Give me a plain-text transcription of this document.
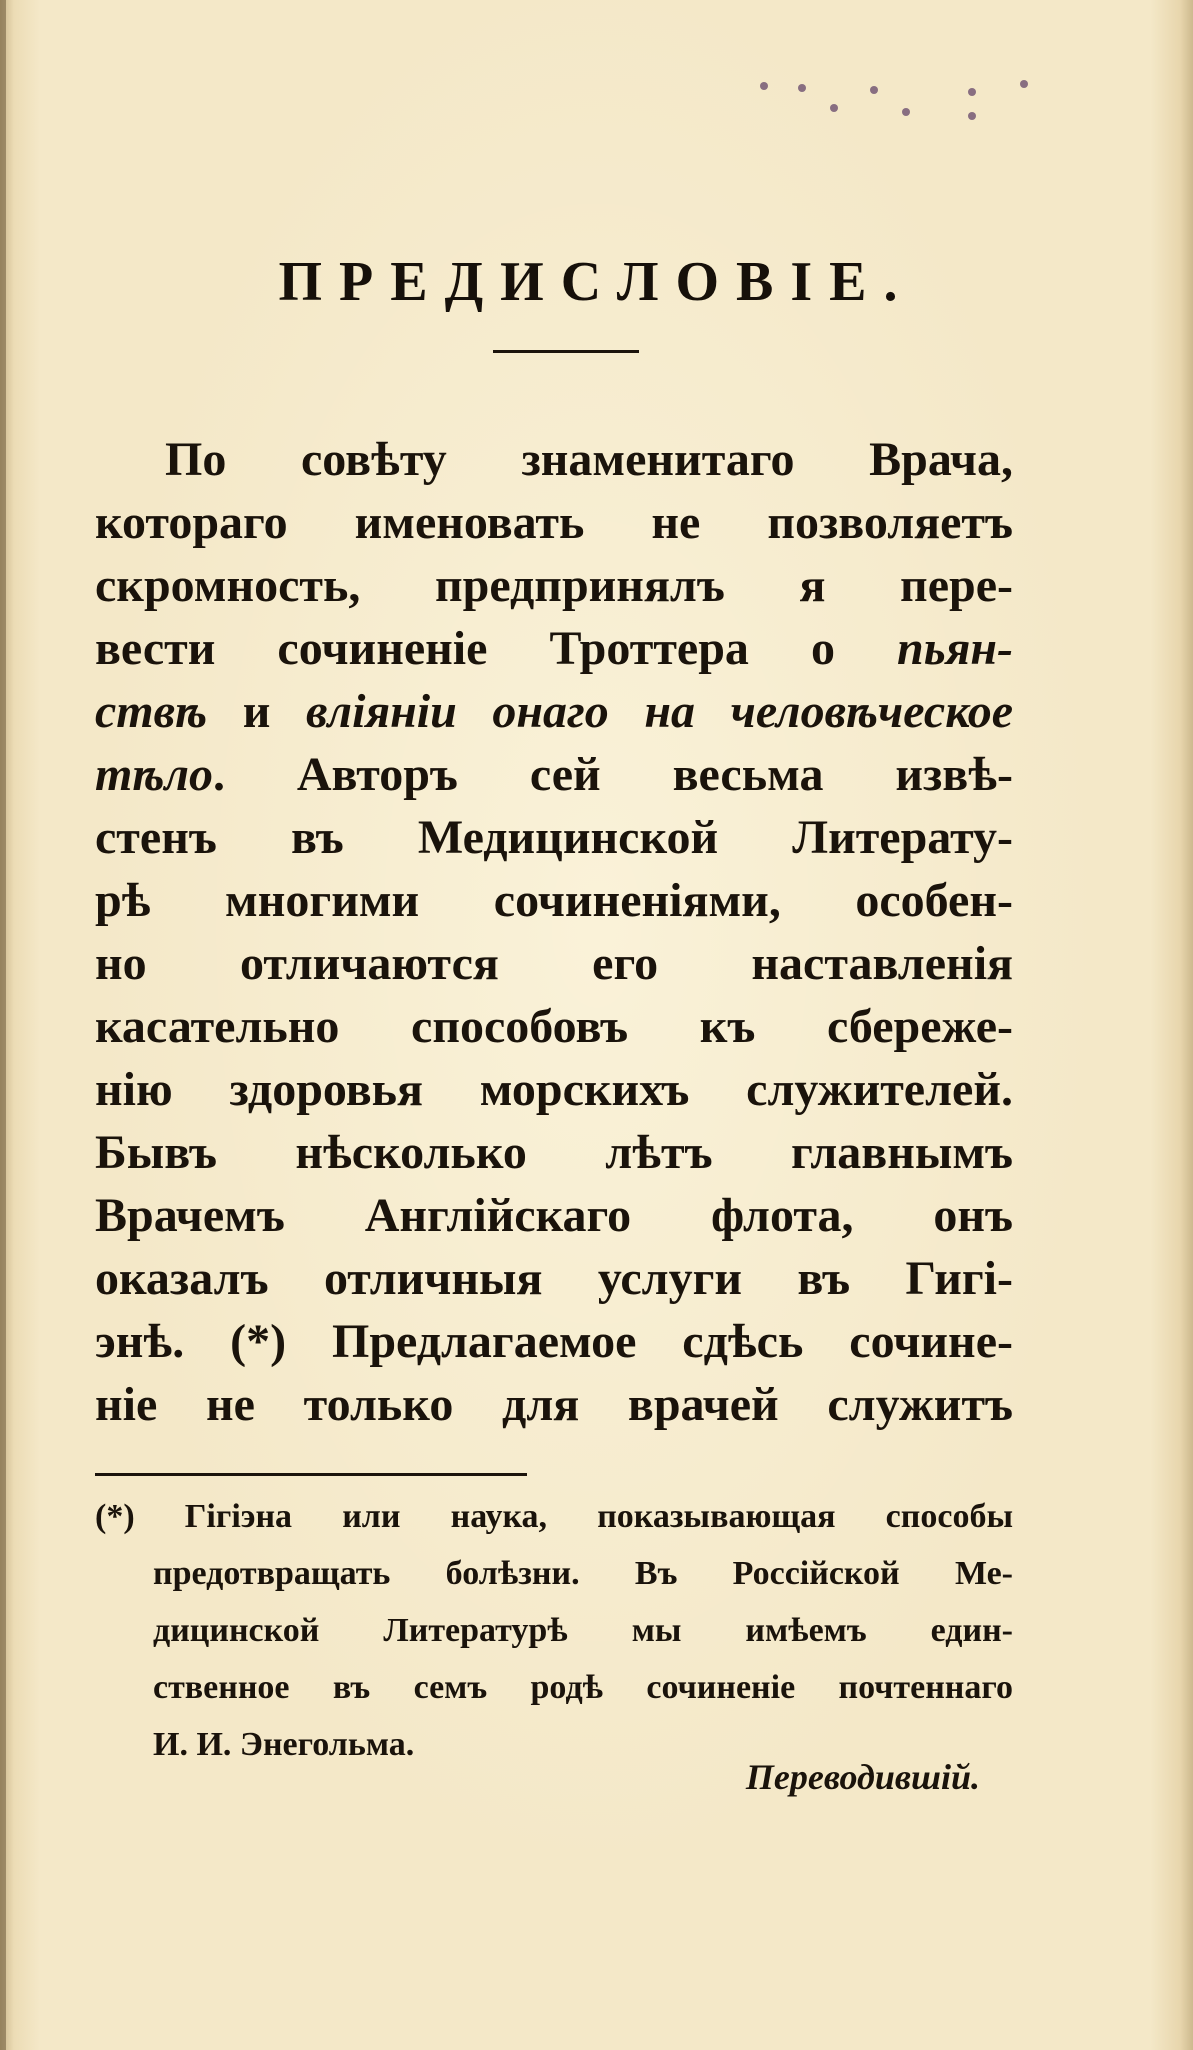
ПРЕДИСЛОВІЕ.
По совѣту знаменитаго Врача,
котораго именовать не позволяетъ
скромность, предпринялъ я пере-
вести сочиненіе Троттера о пьян-
ствѣ и вліяніи онаго на человѣческое
тѣло. Авторъ сей весьма извѣ-
стенъ въ Медицинской Литерату-
рѣ многими сочиненіями, особен-
но отличаются его наставленія
касательно способовъ къ сбереже-
нію здоровья морскихъ служителей.
Бывъ нѣсколько лѣтъ главнымъ
Врачемъ Англійскаго флота, онъ
оказалъ отличныя услуги въ Гигі-
энѣ. (*) Предлагаемое сдѣсь сочине-
ніе не только для врачей служитъ
(*) Гігіэна или наука, показывающая способы
предотвращать болѣзни. Въ Россійской Ме-
дицинской Литературѣ мы имѣемъ един-
ственное въ семъ родѣ сочиненіе почтеннаго
И. И. Энегольма.
Переводившій.
